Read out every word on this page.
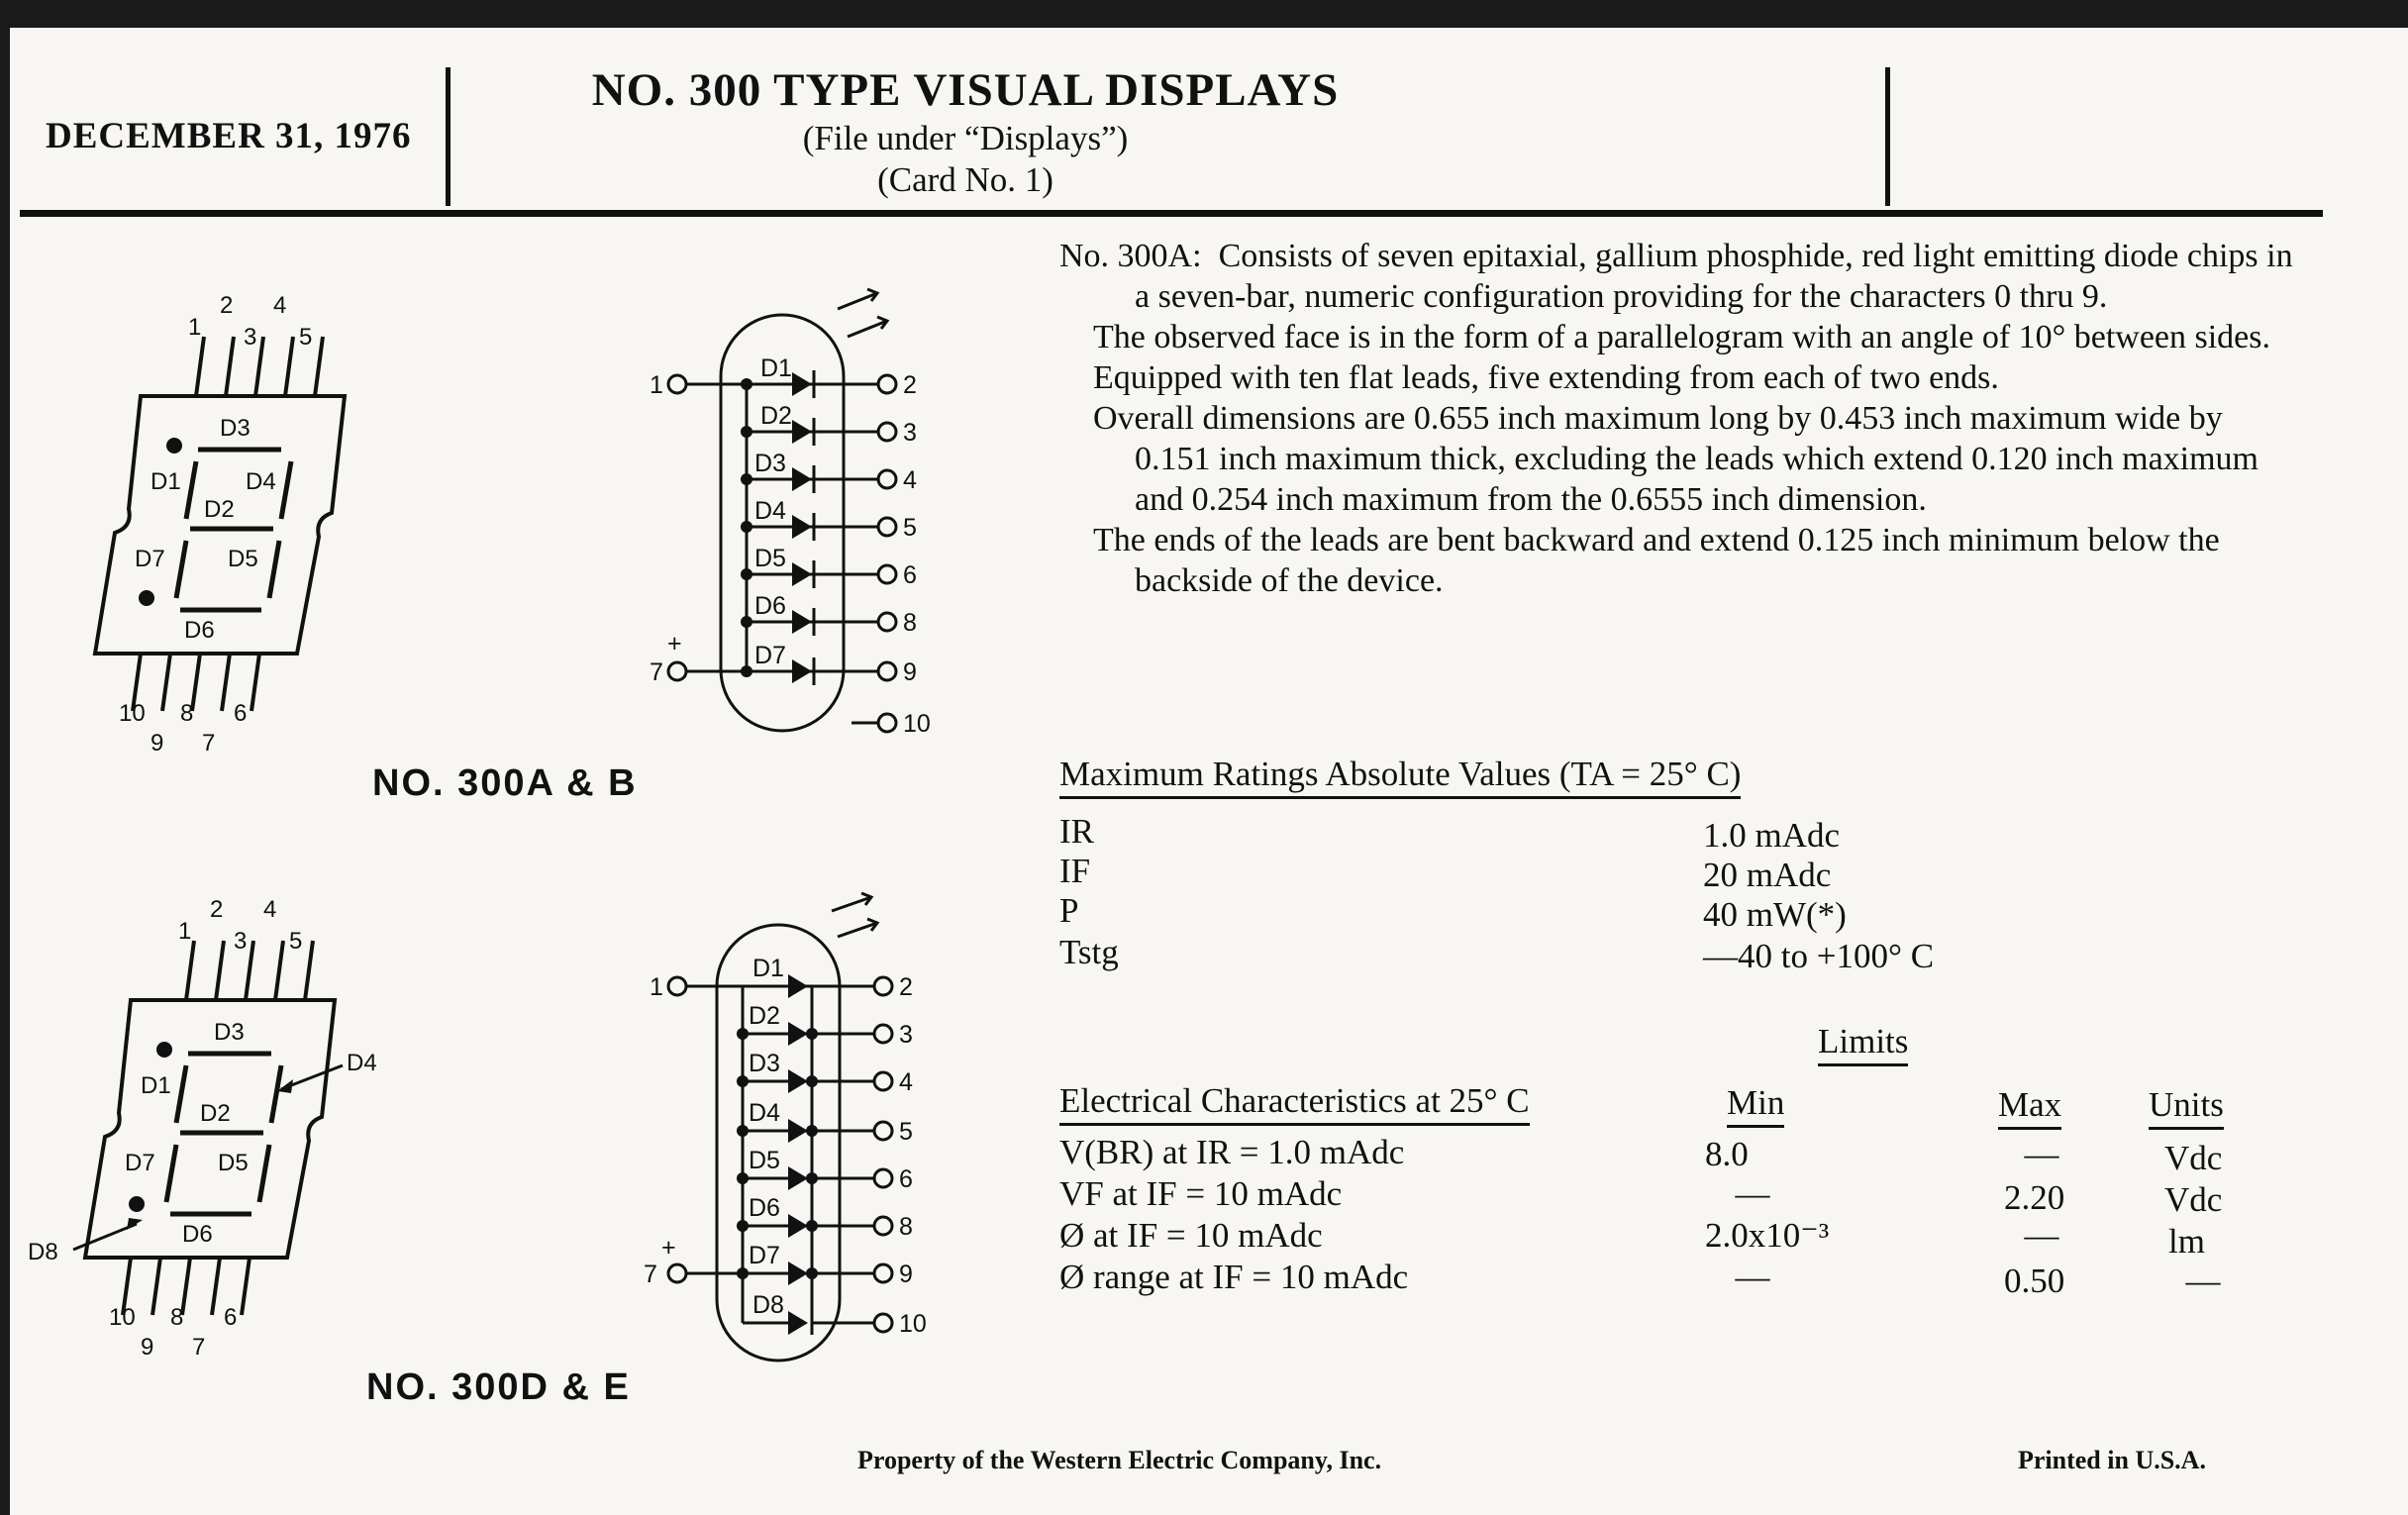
DECEMBER 31, 1976
NO. 300 TYPE VISUAL DISPLAYS
(File under “Displays”)
(Card No. 1)
1
2
3
4
5
10
9
8
7
6
D3
D1	D4
D2
D7	D5
D6
1
7
+
2
3
4
5
6
8
9
10
D1
D2
D3
D4
D5
D6
D7
NO. 300A & B
1
2
3
4
5
10
9
8
7
6
D3
D1
D2
D4
D7	D5
D6
D8
1
7
+
2
3
4
5
6
8
9
10
D1
D2
D3
D4
D5
D6
D7
D8
NO. 300D & E

No. 300A: Consists of seven epitaxial, gallium phosphide, red light emitting diode chips in a seven-bar, numeric configuration providing for the characters 0 thru 9.

The observed face is in the form of a parallelogram with an angle of 10° between sides.

Equipped with ten flat leads, five extending from each of two ends.

Overall dimensions are 0.655 inch maximum long by 0.453 inch maximum wide by 0.151 inch maximum thick, excluding the leads which extend 0.120 inch maximum and 0.254 inch maximum from the 0.6555 inch dimension.

The ends of the leads are bent backward and extend 0.125 inch minimum below the backside of the device.

Maximum Ratings Absolute Values (TA = 25° C)
IR	1.0 mAdc
IF	20 mAdc
P	40 mW(*)
Tstg	—40 to +100° C
Limits
Electrical Characteristics at 25° C	Min	Max	Units
V(BR) at IR = 1.0 mAdc	8.0	—	Vdc
VF at IF = 10 mAdc	—	2.20	Vdc
Ø at IF = 10 mAdc	2.0x10⁻³	—	lm
Ø range at IF = 10 mAdc	—	0.50	—
Property of the Western Electric Company, Inc.	Printed in U.S.A.
